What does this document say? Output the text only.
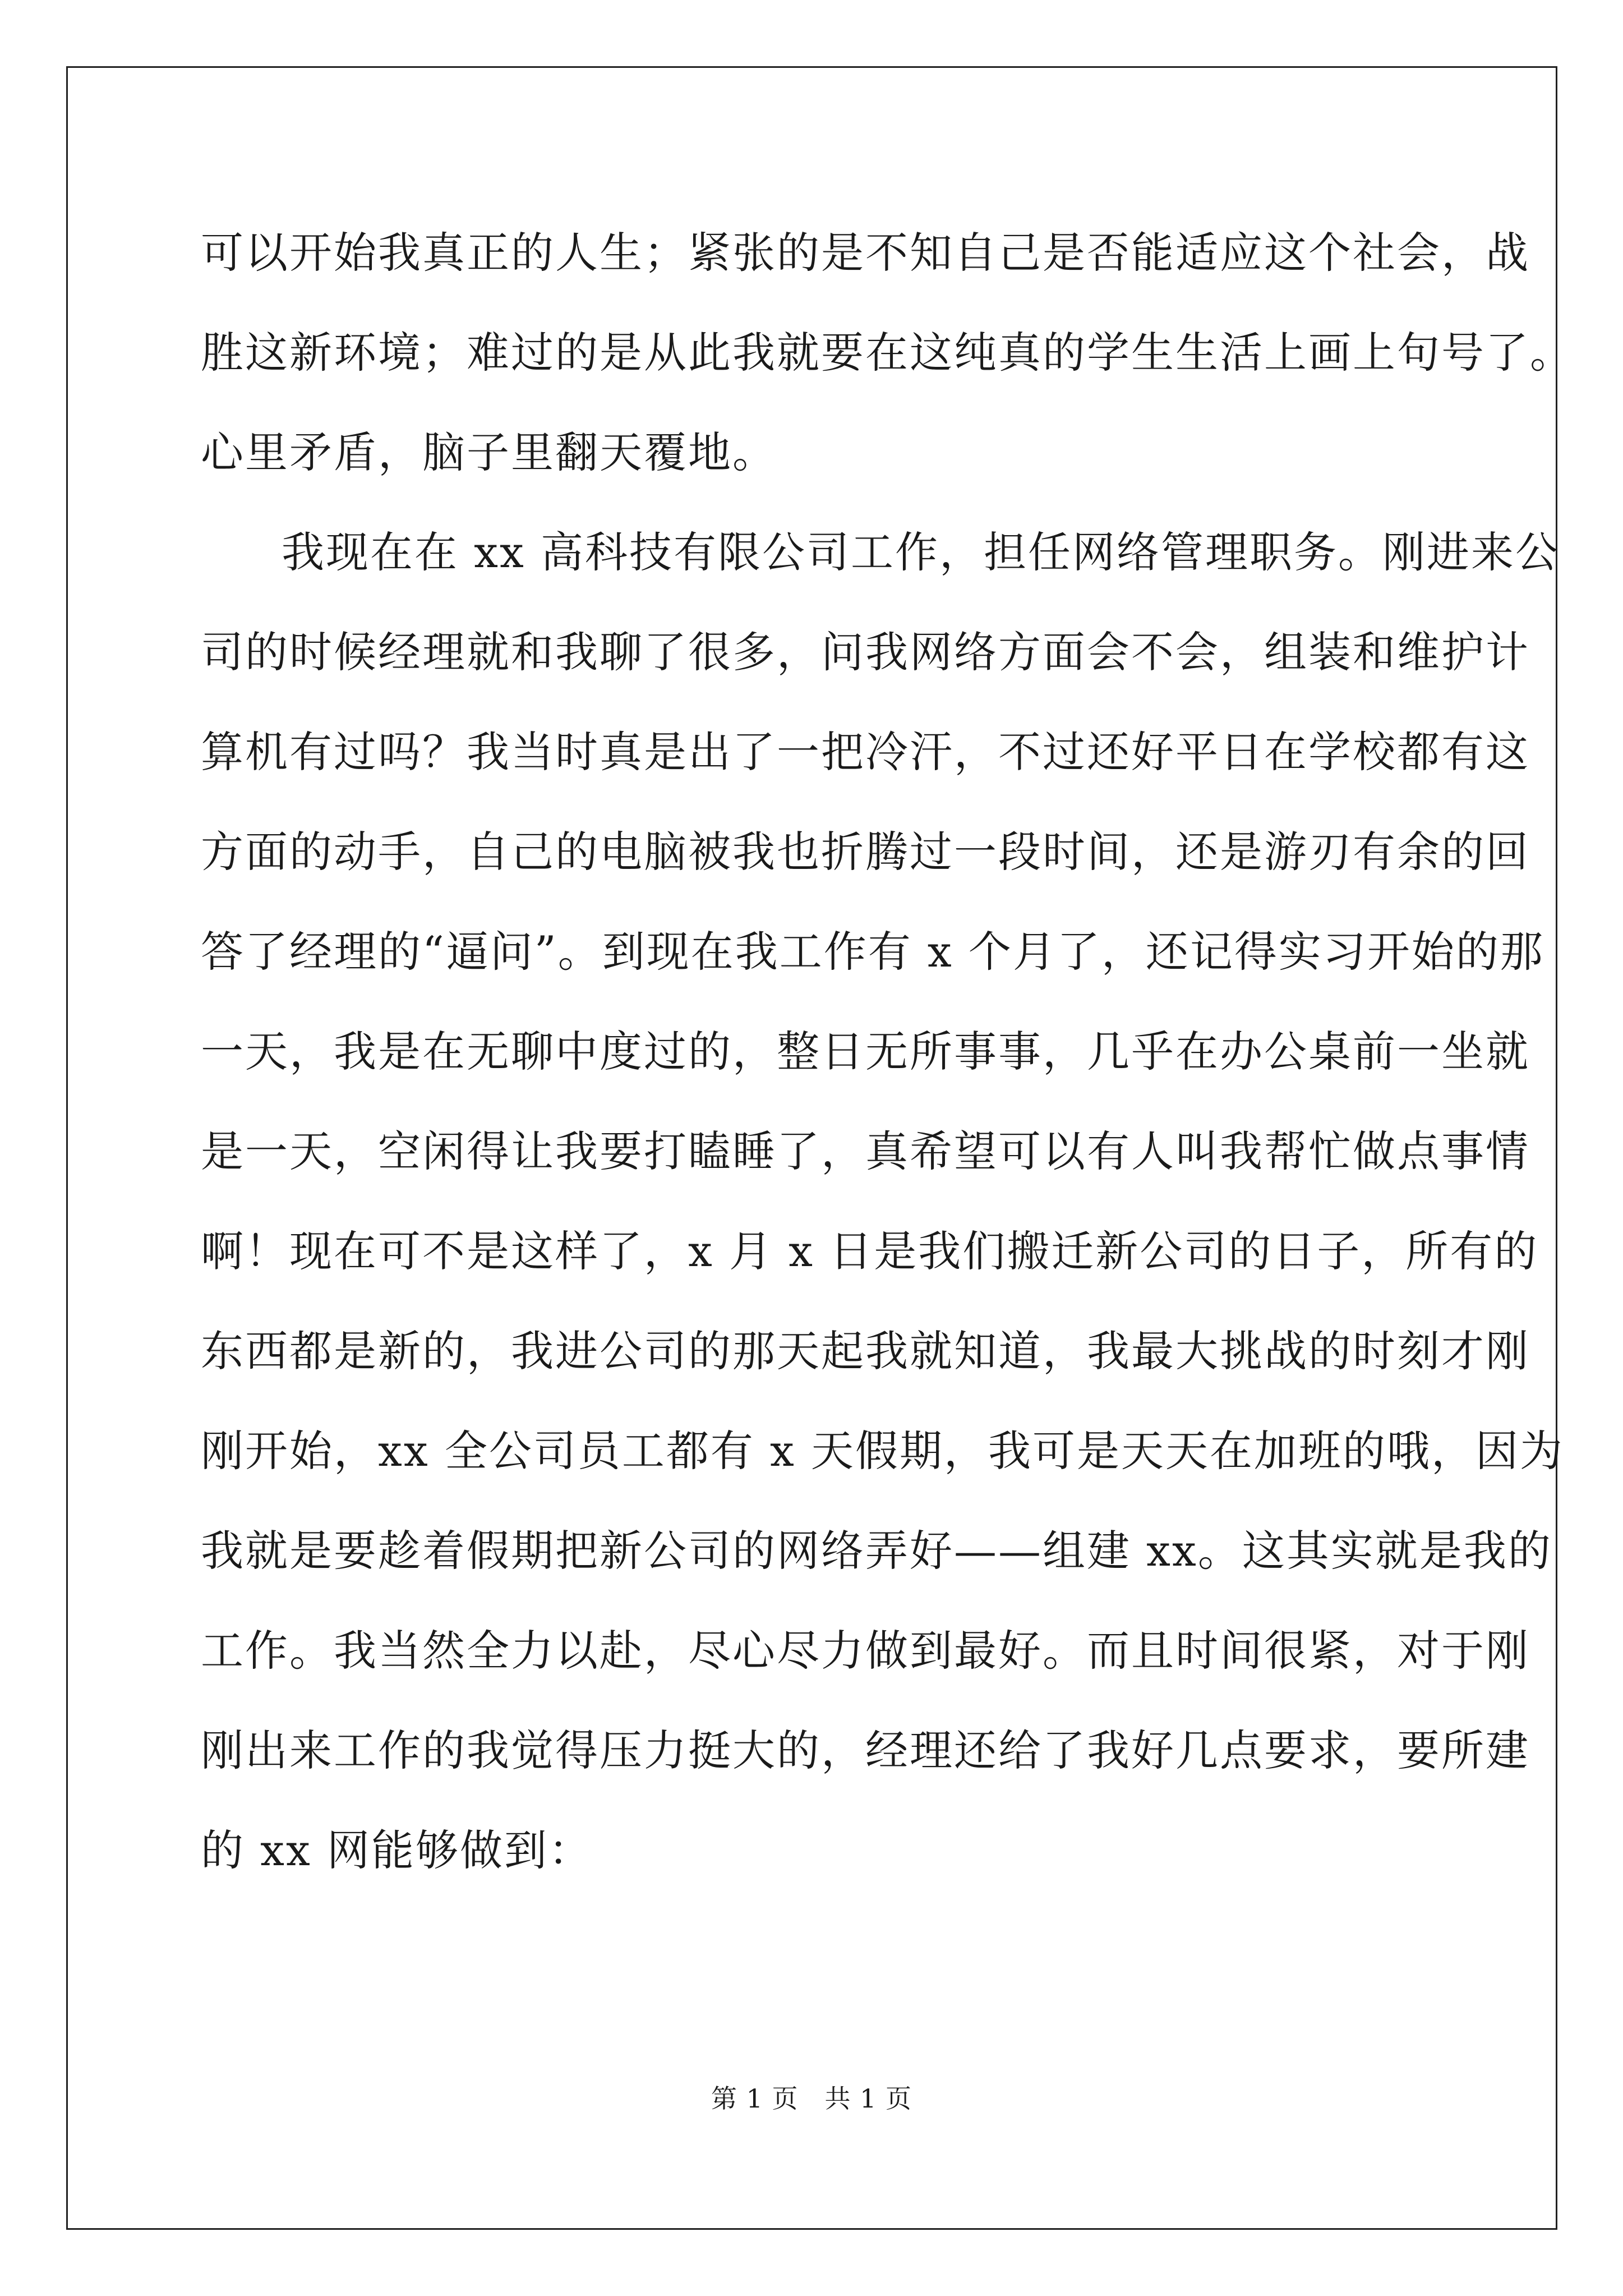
可以开始我真正的人生；紧张的是不知自己是否能适应这个社会，战
胜这新环境；难过的是从此我就要在这纯真的学生生活上画上句号了。
心里矛盾，脑子里翻天覆地。
我现在在 xx 高科技有限公司工作，担任网络管理职务。刚进来公
司的时候经理就和我聊了很多，问我网络方面会不会，组装和维护计
算机有过吗？我当时真是出了一把冷汗，不过还好平日在学校都有这
方面的动手，自己的电脑被我也折腾过一段时间，还是游刃有余的回
答了经理的“逼问”。到现在我工作有 x 个月了，还记得实习开始的那
一天，我是在无聊中度过的，整日无所事事，几乎在办公桌前一坐就
是一天，空闲得让我要打瞌睡了，真希望可以有人叫我帮忙做点事情
啊！现在可不是这样了，x 月 x 日是我们搬迁新公司的日子，所有的
东西都是新的，我进公司的那天起我就知道，我最大挑战的时刻才刚
刚开始，xx 全公司员工都有 x 天假期，我可是天天在加班的哦，因为
我就是要趁着假期把新公司的网络弄好——组建 xx。这其实就是我的
工作。我当然全力以赴，尽心尽力做到最好。而且时间很紧，对于刚
刚出来工作的我觉得压力挺大的，经理还给了我好几点要求，要所建
的 xx 网能够做到：
第 1 页　共 1 页
